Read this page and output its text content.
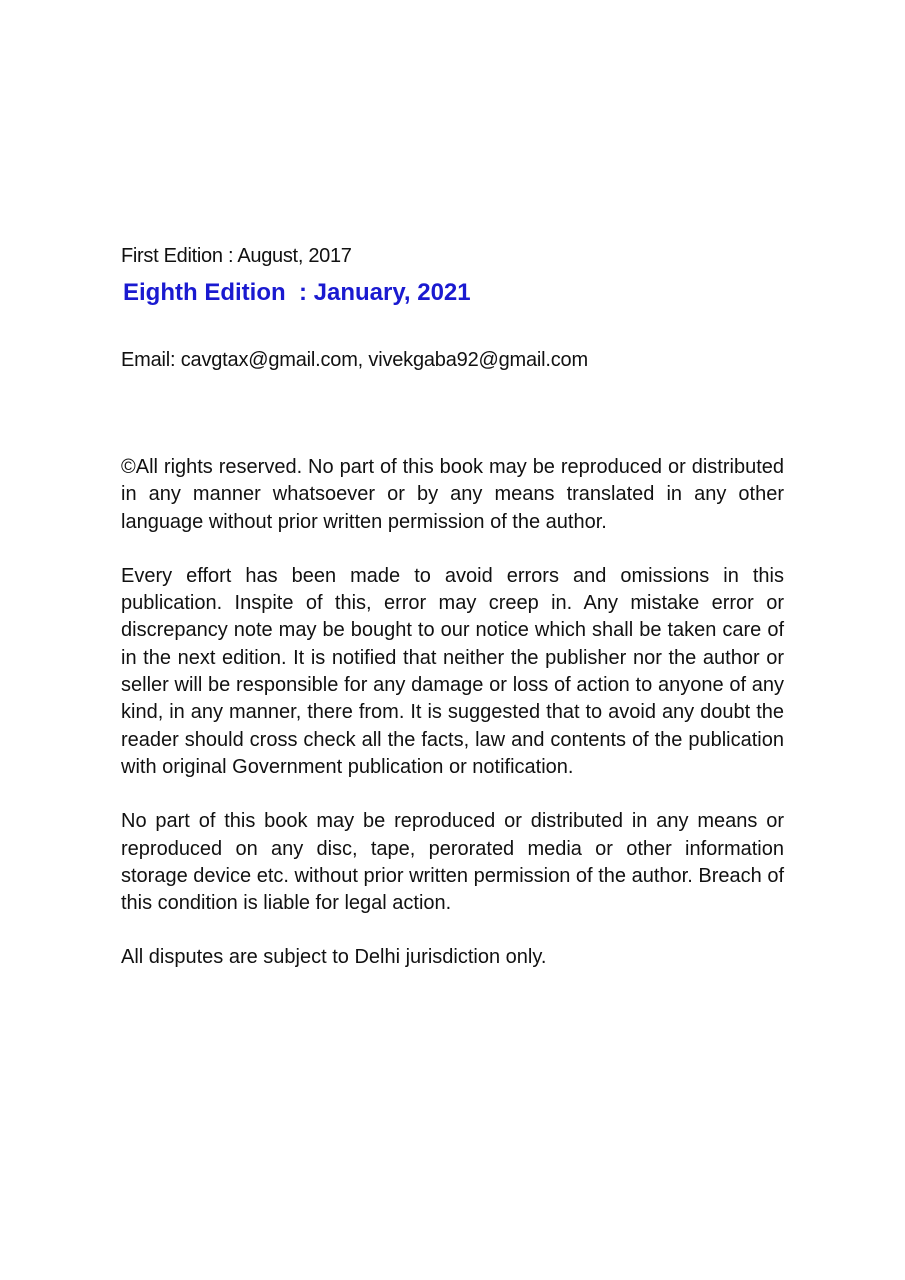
First Edition : August, 2017

Eighth Edition  : January, 2021

Email: cavgtax@gmail.com, vivekgaba92@gmail.com

©All rights reserved. No part of this book may be reproduced or distributed in any manner whatsoever or by any means translated in any other language without prior written permission of the author.

Every effort has been made to avoid errors and omissions in this publication. Inspite of this, error may creep in. Any mistake error or discrepancy note may be bought to our notice which shall be taken care of in the next edition. It is notified that neither the publisher nor the author or seller will be responsible for any damage or loss of action to anyone of any kind, in any manner, there from. It is suggested that to avoid any doubt the reader should cross check all the facts, law and contents of the publication with original Government publication or notification.

No part of this book may be reproduced or distributed in any means or reproduced on any disc, tape, perorated media or other information storage device etc. without prior written permission of the author. Breach of this condition is liable for legal action.

All disputes are subject to Delhi jurisdiction only.
